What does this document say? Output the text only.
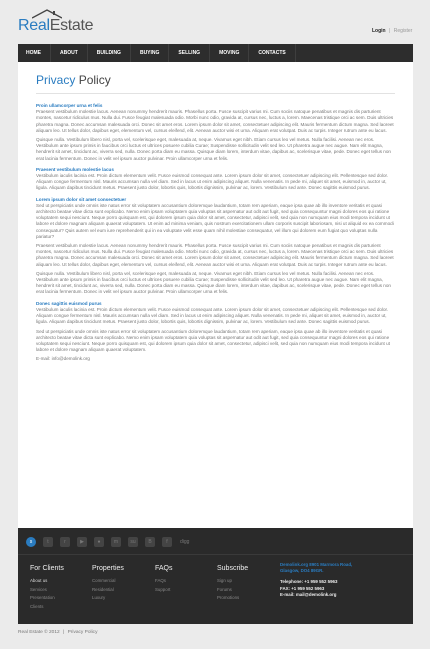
RealEstate	Login | Register
HOME	ABOUT	BUILDING	BUYING	SELLING	MOVING	CONTACTS
Privacy Policy
Proin ullamcorper urna et felis

Praesent vestibulum molestie lacus. Aenean nonummy hendrerit mauris. Phasellus porta. Fusce suscipit varius mi. Cum sociis natoque penatibus et magnis dis parturient montes, nascetur ridiculus mus. Nulla dui. Fusce feugiat malesuada odio. Morbi nunc odio, gravida at, cursus nec, luctus a, lorem. Maecenas tristique orci ac sem. Duis ultricies pharetra magna. Donec accumsan malesuada orci. Donec sit amet eros. Lorem ipsum dolor sit amet, consectetuer adipiscing elit. Mauris fermentum dictum magna. Sed laoreet aliquam leo. Ut tellus dolor, dapibus eget, elementum vel, cursus eleifend, elit. Aenean auctor wisi et urna. Aliquam erat volutpat. Duis ac turpis. Integer rutrum ante eu lacus.

Quisque nulla. Vestibulum libero nisl, porta vel, scelerisque eget, malesuada at, neque. Vivamus eget nibh. Etiam cursus leo vel metus. Nulla facilisi. Aenean nec eros. Vestibulum ante ipsum primis in faucibus orci luctus et ultrices posuere cubilia Curae; Suspendisse sollicitudin velit sed leo. Ut pharetra augue nec augue. Nam elit magna, hendrerit sit amet, tincidunt ac, viverra sed, nulla. Donec porta diam eu massa. Quisque diam lorem, interdum vitae, dapibus ac, scelerisque vitae, pede. Donec eget tellus non erat lacinia fermentum. Donec in velit vel ipsum auctor pulvinar. Proin ullamcorper urna et felis.

Praesent vestibulum molestie lacus

Vestibulum iaculis lacinia est. Proin dictum elementum velit. Fusce euismod consequat ante. Lorem ipsum dolor sit amet, consectetuer adipiscing elit. Pellentesque sed dolor. Aliquam congue fermentum nisl. Mauris accumsan nulla vel diam. Sed in lacus ut enim adipiscing aliquet. Nulla venenatis. In pede mi, aliquet sit amet, euismod in, auctor ut, ligula. Aliquam dapibus tincidunt metus. Praesent justo dolor, lobortis quis, lobortis dignissim, pulvinar ac, lorem. Vestibulum sed ante. Donec sagittis euismod purus.

Lorem ipsum dolor sit amet consectetuer

Sed ut perspiciatis unde omnis iste natus error sit voluptatem accusantium doloremque laudantium, totam rem aperiam, eaque ipsa quae ab illo inventore veritatis et quasi architecto beatae vitae dicta sunt explicabo. Nemo enim ipsam voluptatem quia voluptas sit aspernatur aut odit aut fugit, sed quia consequuntur magni dolores eos qui ratione voluptatem sequi nesciunt. Neque porro quisquam est, qui dolorem ipsum quia dolor sit amet, consectetur, adipisci velit, sed quia non numquam eius modi tempora incidunt ut labore et dolore magnam aliquam quaerat voluptatem. Ut enim ad minima veniam, quis nostrum exercitationem ullam corporis suscipit laboriosam, nisi ut aliquid ex ea commodi consequatur? Quis autem vel eum iure reprehenderit qui in ea voluptate velit esse quam nihil molestiae consequatur, vel illum qui dolorem eum fugiat quo voluptas nulla pariatur?

Praesent vestibulum molestie lacus. Aenean nonummy hendrerit mauris. Phasellus porta. Fusce suscipit varius mi. Cum sociis natoque penatibus et magnis dis parturient montes, nascetur ridiculus mus. Nulla dui. Fusce feugiat malesuada odio. Morbi nunc odio, gravida at, cursus nec, luctus a, lorem. Maecenas tristique orci ac sem. Duis ultricies pharetra magna. Donec accumsan malesuada orci. Donec sit amet eros. Lorem ipsum dolor sit amet, consectetuer adipiscing elit. Mauris fermentum dictum magna. Sed laoreet aliquam leo. Ut tellus dolor, dapibus eget, elementum vel, cursus eleifend, elit. Aenean auctor wisi et urna. Aliquam erat volutpat. Duis ac turpis. Integer rutrum ante eu lacus.

Quisque nulla. Vestibulum libero nisl, porta vel, scelerisque eget, malesuada at, neque. Vivamus eget nibh. Etiam cursus leo vel metus. Nulla facilisi. Aenean nec eros. Vestibulum ante ipsum primis in faucibus orci luctus et ultrices posuere cubilia Curae; Suspendisse sollicitudin velit sed leo. Ut pharetra augue nec augue. Nam elit magna, hendrerit sit amet, tincidunt ac, viverra sed, nulla. Donec porta diam eu massa. Quisque diam lorem, interdum vitae, dapibus ac, scelerisque vitae, pede. Donec eget tellus non erat lacinia fermentum. Donec in velit vel ipsum auctor pulvinar. Proin ullamcorper urna et felis.

Donec sagittis euismod purus

Vestibulum iaculis lacinia est. Proin dictum elementum velit. Fusce euismod consequat ante. Lorem ipsum dolor sit amet, consectetuer adipiscing elit. Pellentesque sed dolor. Aliquam congue fermentum nisl. Mauris accumsan nulla vel diam. Sed in lacus ut enim adipiscing aliquet. Nulla venenatis. In pede mi, aliquet sit amet, euismod in, auctor ut, ligula. Aliquam dapibus tincidunt metus. Praesent justo dolor, lobortis quis, lobortis dignissim, pulvinar ac, lorem. Vestibulum sed ante. Donec sagittis euismod purus.

Sed ut perspiciatis unde omnis iste natus error sit voluptatem accusantium doloremque laudantium, totam rem aperiam, eaque ipsa quae ab illo inventore veritatis et quasi architecto beatae vitae dicta sunt explicabo. Nemo enim ipsam voluptatem quia voluptas sit aspernatur aut odit aut fugit, sed quia consequuntur magni dolores eos qui ratione voluptatem sequi nesciunt. Neque porro quisquam est, qui dolorem ipsum quia dolor sit amet, consectetur, adipisci velit, sed quia non numquam eius modi tempora incidunt ut labore et dolore magnam aliquam quaerat voluptatem.

E-mail: info@demolink.org

s	t	r	▶	●	m	su	B	f	digg
For Clients
About us
Services
Presentation
Clients
Properties
Commercial
Residential
Luxury
FAQs
FAQs
Support
Subscribe
Sign up
Forums
Promotions
Demolink.org 8901 Marmora Road,
Glasgow, DO4 89GR.
Telephone: +1 959 552 5963
FAX: +1 959 552 5963
E-mail: mail@demolink.org
Real Estate © 2012 | Privacy Policy
